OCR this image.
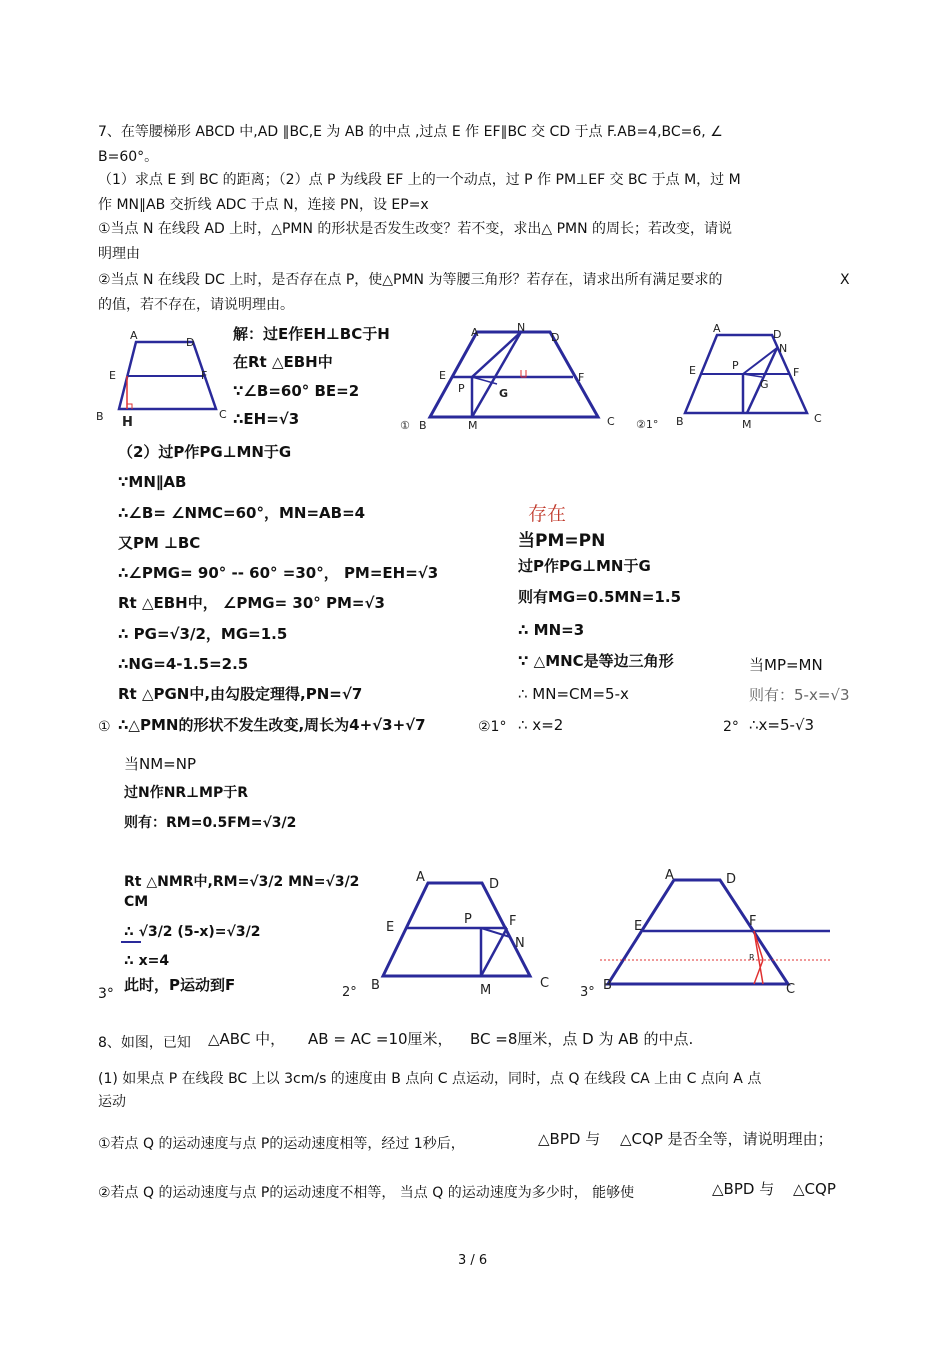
7、在等腰梯形 ABCD 中,AD ∥BC,E 为 AB 的中点 ,过点 E 作 EF∥BC 交 CD 于点 F.AB=4,BC=6, ∠
B=60°。
（1）求点 E 到 BC 的距离；（2）点 P 为线段 EF 上的一个动点，过 P 作 PM⊥EF 交 BC 于点 M，过 M
作 MN∥AB 交折线 ADC 于点 N，连接 PN，设 EP=x
①当点 N 在线段 AD 上时，△PMN 的形状是否发生改变？若不变，求出△ PMN 的周长；若改变，请说
明理由
②当点 N 在线段 DC 上时，是否存在点 P，使△PMN 为等腰三角形？若存在，请求出所有满足要求的	X
的值，若不存在，请说明理由。
A
D
E	F
B H
C
解：过E作EH⊥BC于H
在Rt △EBH中
∵∠B=60° BE=2
∴EH=√3
A	N
D
E
P	G
F
① B	M	C
A	D
N
E	P
G
F
②1° B	M	C
（2）过P作PG⊥MN于G
∵MN∥AB
∴∠B= ∠NMC=60°，MN=AB=4
又PM ⊥BC
∴∠PMG= 90° -- 60° =30°， PM=EH=√3
Rt △EBH中， ∠PMG= 30° PM=√3
∴ PG=√3/2，MG=1.5
∴NG=4-1.5=2.5
Rt △PGN中,由勾股定理得,PN=√7
① ∴△PMN的形状不发生改变,周长为4+√3+√7
存在
当PM=PN
过P作PG⊥MN于G
则有MG=0.5MN=1.5
∴ MN=3
∵ △MNC是等边三角形
∴ MN=CM=5-x
②1° ∴ x=2
当MP=MN
则有：5-x=√3
2° ∴x=5-√3
当NM=NP
过N作NR⊥MP于R
则有：RM=0.5FM=√3/2
Rt △NMR中,RM=√3/2 MN=√3/2
CM
∴ √3/2 (5-x)=√3/2
∴ x=4
3° 此时，P运动到F
A	D
E
P	F
N
2° B	M	C
A	D
E	F
R
3° B	C
8、如图，已知 △ABC 中， AB = AC =10厘米， BC =8厘米，点 D 为 AB 的中点.
(1) 如果点 P 在线段 BC 上以 3cm/s 的速度由 B 点向 C 点运动，同时，点 Q 在线段 CA 上由 C 点向 A 点
运动
①若点 Q 的运动速度与点 P的运动速度相等，经过 1秒后，	△BPD 与 △CQP 是否全等，请说明理由；
②若点 Q 的运动速度与点 P的运动速度不相等， 当点 Q 的运动速度为多少时， 能够使	△BPD 与 △CQP
3 / 6
